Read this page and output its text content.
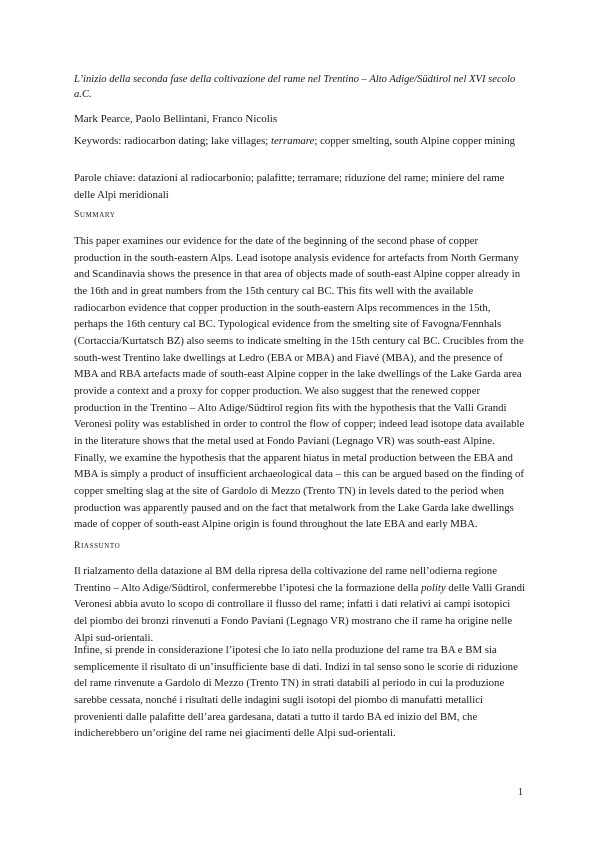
L’inizio della seconda fase della coltivazione del rame nel Trentino – Alto Adige/Südtirol nel XVI secolo a.C.
Mark Pearce, Paolo Bellintani, Franco Nicolis
Keywords: radiocarbon dating; lake villages; terramare; copper smelting, south Alpine copper mining
Parole chiave: datazioni al radiocarbonio; palafitte; terramare; riduzione del rame; miniere del rame delle Alpi meridionali
Summary
This paper examines our evidence for the date of the beginning of the second phase of copper production in the south-eastern Alps. Lead isotope analysis evidence for artefacts from North Germany and Scandinavia shows the presence in that area of objects made of south-east Alpine copper already in the 16th and in great numbers from the 15th century cal BC. This fits well with the available radiocarbon evidence that copper production in the south-eastern Alps recommences in the 15th, perhaps the 16th century cal BC. Typological evidence from the smelting site of Favogna/Fennhals (Cortaccia/Kurtatsch BZ) also seems to indicate smelting in the 15th century cal BC. Crucibles from the south-west Trentino lake dwellings at Ledro (EBA or MBA) and Fiavé (MBA), and the presence of MBA and RBA artefacts made of south-east Alpine copper in the lake dwellings of the Lake Garda area provide a context and a proxy for copper production. We also suggest that the renewed copper production in the Trentino – Alto Adige/Südtirol region fits with the hypothesis that the Valli Grandi Veronesi polity was established in order to control the flow of copper; indeed lead isotope data available in the literature shows that the metal used at Fondo Paviani (Legnago VR) was south-east Alpine. Finally, we examine the hypothesis that the apparent hiatus in metal production between the EBA and MBA is simply a product of insufficient archaeological data – this can be argued based on the finding of copper smelting slag at the site of Gardolo di Mezzo (Trento TN) in levels dated to the period when production was apparently paused and on the fact that metalwork from the Lake Garda lake dwellings made of copper of south-east Alpine origin is found throughout the late EBA and early MBA.
Riassunto
Il rialzamento della datazione al BM della ripresa della coltivazione del rame nell’odierna regione Trentino – Alto Adige/Südtirol, confermerebbe l’ipotesi che la formazione della polity delle Valli Grandi Veronesi abbia avuto lo scopo di controllare il flusso del rame; infatti i dati relativi ai campi isotopici del piombo dei bronzi rinvenuti a Fondo Paviani (Legnago VR) mostrano che il rame ha origine nelle Alpi sud-orientali.
Infine, si prende in considerazione l’ipotesi che lo iato nella produzione del rame tra BA e BM sia semplicemente il risultato di un’insufficiente base di dati. Indizi in tal senso sono le scorie di riduzione del rame rinvenute a Gardolo di Mezzo (Trento TN) in strati databili al periodo in cui la produzione sarebbe cessata, nonché i risultati delle indagini sugli isotopi del piombo di manufatti metallici provenienti dalle palafitte dell’area gardesana, datati a tutto il tardo BA ed inizio del BM, che indicherebbero un’origine del rame nei giacimenti delle Alpi sud-orientali.
1
